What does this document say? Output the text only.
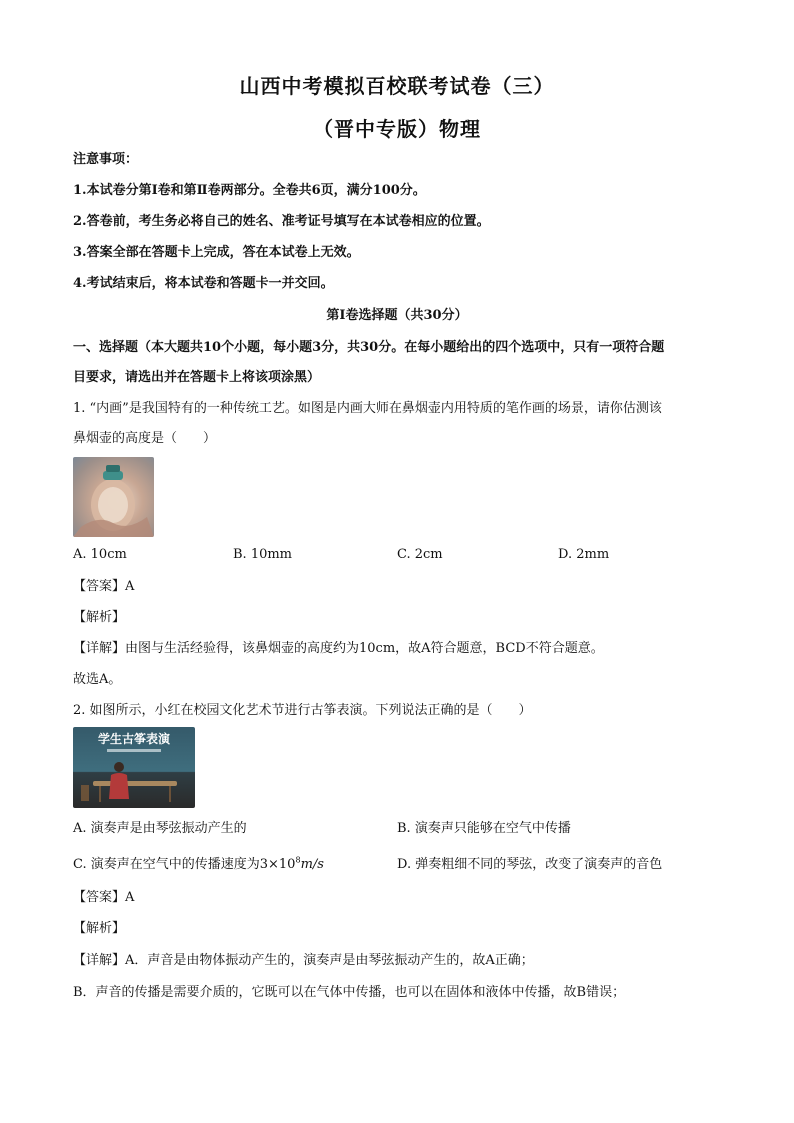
山西中考模拟百校联考试卷（三）
（晋中专版）物理
注意事项：
1.本试卷分第Ⅰ卷和第Ⅱ卷两部分。全卷共6页，满分100分。
2.答卷前，考生务必将自己的姓名、准考证号填写在本试卷相应的位置。
3.答案全部在答题卡上完成，答在本试卷上无效。
4.考试结束后，将本试卷和答题卡一并交回。
第Ⅰ卷选择题（共30分）
一、选择题（本大题共10个小题，每小题3分，共30分。在每小题给出的四个选项中，只有一项符合题
目要求，请选出并在答题卡上将该项涂黑）
1. “内画”是我国特有的一种传统工艺。如图是内画大师在鼻烟壶内用特质的笔作画的场景，请你估测该
鼻烟壶的高度是（　　）
A. 10cm	B. 10mm	C. 2cm	D. 2mm
【答案】A
【解析】
【详解】由图与生活经验得，该鼻烟壶的高度约为10cm，故A符合题意，BCD不符合题意。
故选A。
2. 如图所示，小红在校园文化艺术节进行古筝表演。下列说法正确的是（　　）
学生古筝表演
A. 演奏声是由琴弦振动产生的	B. 演奏声只能够在空气中传播
C. 演奏声在空气中的传播速度为$3\times 10^8m/s$	D. 弹奏粗细不同的琴弦，改变了演奏声的音色
【答案】A
【解析】
【详解】A．声音是由物体振动产生的，演奏声是由琴弦振动产生的，故A正确；
B．声音的传播是需要介质的，它既可以在气体中传播，也可以在固体和液体中传播，故B错误；
